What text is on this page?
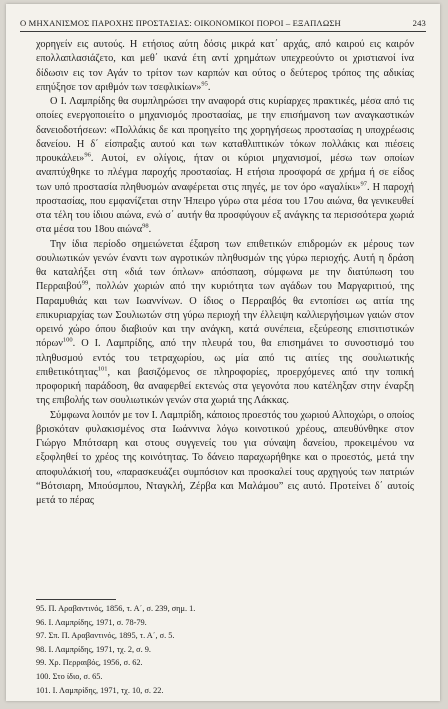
Ο ΜΗΧΑΝΙΣΜΟΣ ΠΑΡΟΧΗΣ ΠΡΟΣΤΑΣΙΑΣ: ΟΙΚΟΝΟΜΙΚΟΙ ΠΟΡΟΙ – ΕΞΑΠΛΩΣΗ	243

χορηγείν εις αυτούς. Η ετήσιος αύτη δόσις μικρά κατ΄ αρχάς, από καιρού εις καιρόν επολλαπλασιάζετο, και μεθ΄ ικανά έτη αντί χρημάτων υπεχρεούντο οι χριστιανοί ίνα δίδωσιν εις τον Αγάν το τρίτον των καρπών και ούτος ο δεύτερος τρόπος της αδικίας επηύξησε τον αριθμόν των τσεφλικίων»$^{95}$.

Ο Ι. Λαμπρίδης θα συμπληρώσει την αναφορά στις κυρίαρχες πρακτικές, μέσα από τις οποίες ενεργοποιείτο ο μηχανισμός προστασίας, με την επισήμανση των αναγκαστικών δανειοδοτήσεων: «Πολλάκις δε και προηγείτο της χορηγήσεως προστασίας η υποχρέωσις δανείου. Η δ΄ είσπραξις αυτού και των καταθλιπτικών τόκων πολλάκις και πιέσεις προυκάλει»$^{96}$. Αυτοί, εν ολίγοις, ήταν οι κύριοι μηχανισμοί, μέσω των οποίων αναπτύχθηκε το πλέγμα παροχής προστασίας. Η ετήσια προσφορά σε χρήμα ή σε είδος των υπό προστασία πληθυσμών αναφέρεται στις πηγές, με τον όρο «αγαλίκι»$^{97}$. Η παροχή προστασίας, που εμφανίζεται στην Ήπειρο γύρω στα μέσα του 17ου αιώνα, θα γενικευθεί στα τέλη του ίδιου αιώνα, ενώ σ΄ αυτήν θα προσφύγουν εξ ανάγκης τα περισσότερα χωριά στα μέσα του 18ου αιώνα$^{98}$.

Την ίδια περίοδο σημειώνεται έξαρση των επιθετικών επιδρομών εκ μέρους των σουλιωτικών γενών έναντι των αγροτικών πληθυσμών της γύρω περιοχής. Αυτή η δράση θα καταλήξει στη «διά των όπλων» απόσπαση, σύμφωνα με την διατύπωση του Περραιβού$^{99}$, πολλών χωριών από την κυριότητα των αγάδων του Μαργαριτιού, της Παραμυθιάς και των Ιωαννίνων. Ο ίδιος ο Περραιβός θα εντοπίσει ως αιτία της επικυριαρχίας των Σουλιωτών στη γύρω περιοχή την έλλειψη καλλιεργήσιμων γαιών στον ορεινό χώρο όπου διαβιούν και την ανάγκη, κατά συνέπεια, εξεύρεσης επισιτιστικών πόρων$^{100}$. Ο Ι. Λαμπρίδης, από την πλευρά του, θα επισημάνει το συνοστισμό του πληθυσμού εντός του τετραχωρίου, ως μία από τις αιτίες της σουλιωτικής επιθετικότητας$^{101}$, και βασιζόμενος σε πληροφορίες, προερχόμενες από την τοπική προφορική παράδοση, θα αναφερθεί εκτενώς στα γεγονότα που κατέληξαν στην έναρξη της επιβολής των σουλιωτικών γενών στα χωριά της Λάκκας.

Σύμφωνα λοιπόν με τον Ι. Λαμπρίδη, κάποιος προεστός του χωριού Αλποχώρι, ο οποίος βρισκόταν φυλακισμένος στα Ιωάννινα λόγω κοινοτικού χρέους, απευθύνθηκε στον Γιώργο Μπότσαρη και στους συγγενείς του για σύναψη δανείου, προκειμένου να εξοφληθεί το χρέος της κοινότητας. Το δάνειο παραχωρήθηκε και ο προεστός, μετά την αποφυλάκισή του, «παρασκευάζει συμπόσιον και προσκαλεί τους αρχηγούς των πατριών “Βότσιαρη, Μπούσμπου, Νταγκλή, Ζέρβα και Μαλάμου” εις αυτό. Προτείνει δ΄ αυτοίς μετά το πέρας

95. Π. Αραβαντινός, 1856, τ. Α΄, σ. 239, σημ. 1.

96. Ι. Λαμπρίδης, 1971, σ. 78-79.

97. Σπ. Π. Αραβαντινός, 1895, τ. Α΄, σ. 5.

98. Ι. Λαμπρίδης, 1971, τχ. 2, σ. 9.

99. Χρ. Περραιβός, 1956, σ. 62.

100. Στο ίδιο, σ. 65.

101. Ι. Λαμπρίδης, 1971, τχ. 10, σ. 22.
